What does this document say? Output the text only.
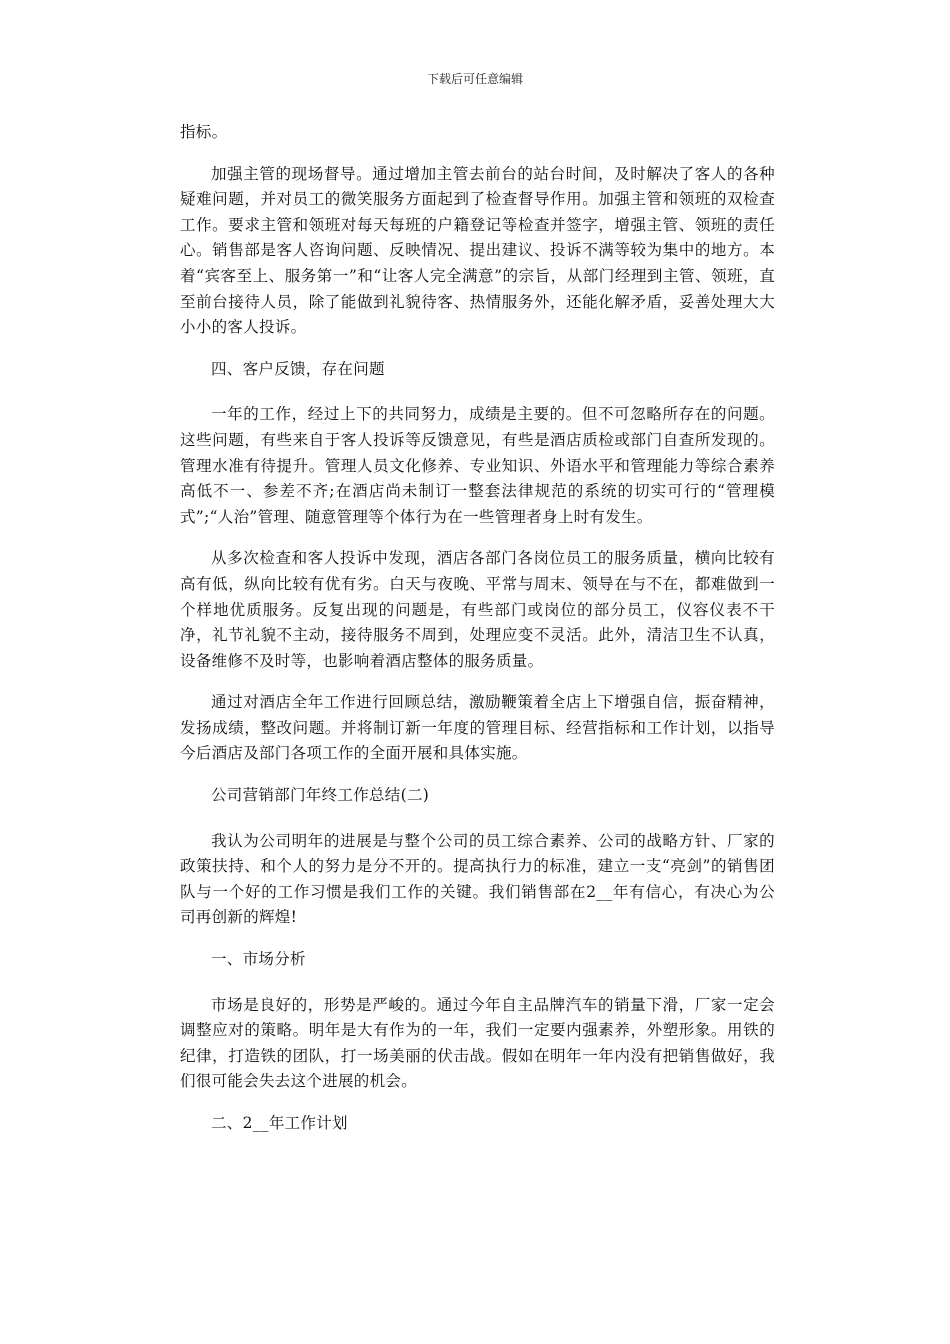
下载后可任意编辑

指标。

加强主管的现场督导。通过增加主管去前台的站台时间，及时解决了客人的各种疑难问题，并对员工的微笑服务方面起到了检查督导作用。加强主管和领班的双检查工作。要求主管和领班对每天每班的户籍登记等检查并签字，增强主管、领班的责任心。销售部是客人咨询问题、反映情况、提出建议、投诉不满等较为集中的地方。本着“宾客至上、服务第一”和“让客人完全满意”的宗旨，从部门经理到主管、领班，直至前台接待人员，除了能做到礼貌待客、热情服务外，还能化解矛盾，妥善处理大大小小的客人投诉。

四、客户反馈，存在问题

一年的工作，经过上下的共同努力，成绩是主要的。但不可忽略所存在的问题。这些问题，有些来自于客人投诉等反馈意见，有些是酒店质检或部门自查所发现的。管理水准有待提升。管理人员文化修养、专业知识、外语水平和管理能力等综合素养高低不一、参差不齐;在酒店尚未制订一整套法律规范的系统的切实可行的“管理模式”;“人治”管理、随意管理等个体行为在一些管理者身上时有发生。

从多次检查和客人投诉中发现，酒店各部门各岗位员工的服务质量，横向比较有高有低，纵向比较有优有劣。白天与夜晚、平常与周末、领导在与不在，都难做到一个样地优质服务。反复出现的问题是，有些部门或岗位的部分员工，仪容仪表不干净，礼节礼貌不主动，接待服务不周到，处理应变不灵活。此外，清洁卫生不认真，设备维修不及时等，也影响着酒店整体的服务质量。

通过对酒店全年工作进行回顾总结，激励鞭策着全店上下增强自信，振奋精神，发扬成绩，整改问题。并将制订新一年度的管理目标、经营指标和工作计划，以指导今后酒店及部门各项工作的全面开展和具体实施。

公司营销部门年终工作总结(二)

我认为公司明年的进展是与整个公司的员工综合素养、公司的战略方针、厂家的政策扶持、和个人的努力是分不开的。提高执行力的标准，建立一支“亮剑”的销售团队与一个好的工作习惯是我们工作的关键。我们销售部在2__年有信心，有决心为公司再创新的辉煌!

一、市场分析

市场是良好的，形势是严峻的。通过今年自主品牌汽车的销量下滑，厂家一定会调整应对的策略。明年是大有作为的一年，我们一定要内强素养，外塑形象。用铁的纪律，打造铁的团队，打一场美丽的伏击战。假如在明年一年内没有把销售做好，我们很可能会失去这个进展的机会。

二、2__年工作计划
